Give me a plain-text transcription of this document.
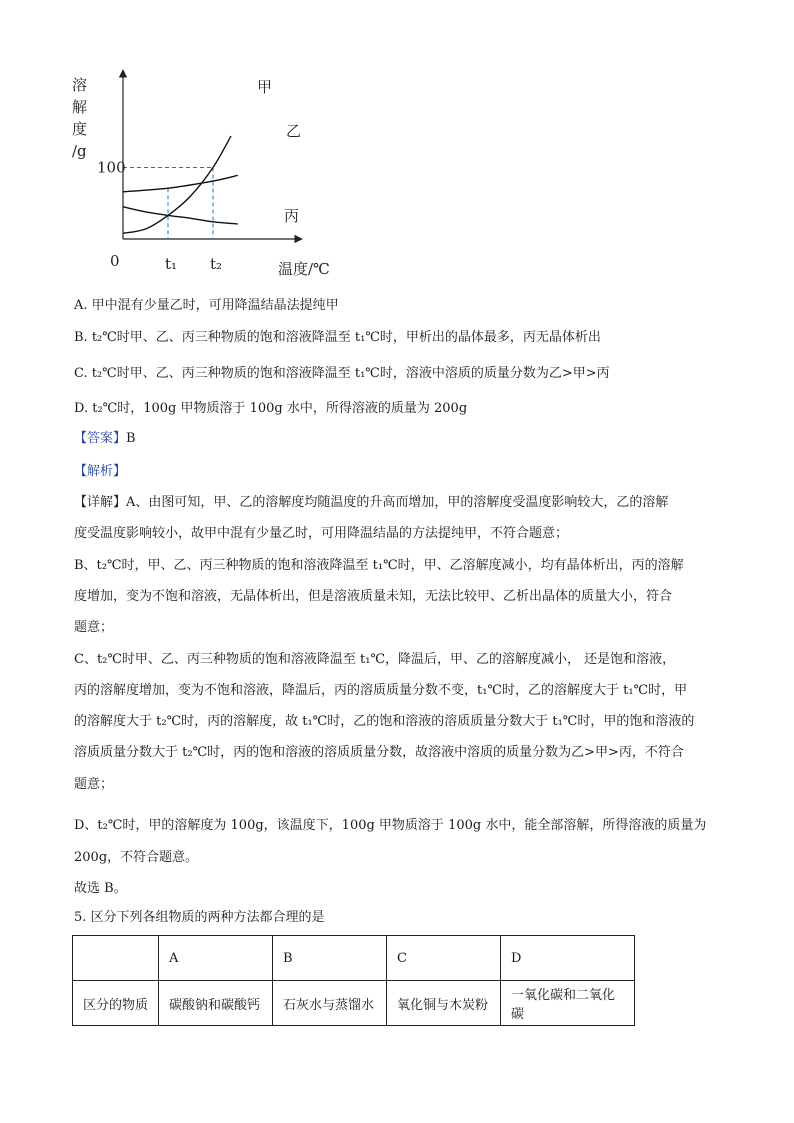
甲
乙
丙
100
0	t₁ t₂	温度/℃
溶
解
度
/g
A. 甲中混有少量乙时，可用降温结晶法提纯甲
B. t₂℃时甲、乙、丙三种物质的饱和溶液降温至 t₁℃时，甲析出的晶体最多，丙无晶体析出
C. t₂℃时甲、乙、丙三种物质的饱和溶液降温至 t₁℃时，溶液中溶质的质量分数为乙>甲>丙
D. t₂℃时，100g 甲物质溶于 100g 水中，所得溶液的质量为 200g
【答案】B
【解析】
【详解】A、由图可知，甲、乙的溶解度均随温度的升高而增加，甲的溶解度受温度影响较大，乙的溶解
度受温度影响较小，故甲中混有少量乙时，可用降温结晶的方法提纯甲，不符合题意；
B、t₂℃时，甲、乙、丙三种物质的饱和溶液降温至 t₁℃时，甲、乙溶解度减小，均有晶体析出，丙的溶解
度增加，变为不饱和溶液，无晶体析出，但是溶液质量未知，无法比较甲、乙析出晶体的质量大小，符合
题意；
C、t₂℃时甲、乙、丙三种物质的饱和溶液降温至 t₁℃，降温后，甲、乙的溶解度减小， 还是饱和溶液，
丙的溶解度增加，变为不饱和溶液，降温后，丙的溶质质量分数不变，t₁℃时，乙的溶解度大于 t₁℃时，甲
的溶解度大于 t₂℃时，丙的溶解度，故 t₁℃时，乙的饱和溶液的溶质质量分数大于 t₁℃时，甲的饱和溶液的
溶质质量分数大于 t₂℃时，丙的饱和溶液的溶质质量分数，故溶液中溶质的质量分数为乙>甲>丙，不符合
题意；
D、t₂℃时，甲的溶解度为 100g，该温度下，100g 甲物质溶于 100g 水中，能全部溶解，所得溶液的质量为
200g，不符合题意。
故选 B。
5. 区分下列各组物质的两种方法都合理的是
	A	B	C	D
区分的物质	碳酸钠和碳酸钙	石灰水与蒸馏水	氧化铜与木炭粉	一氧化碳和二氧化碳
